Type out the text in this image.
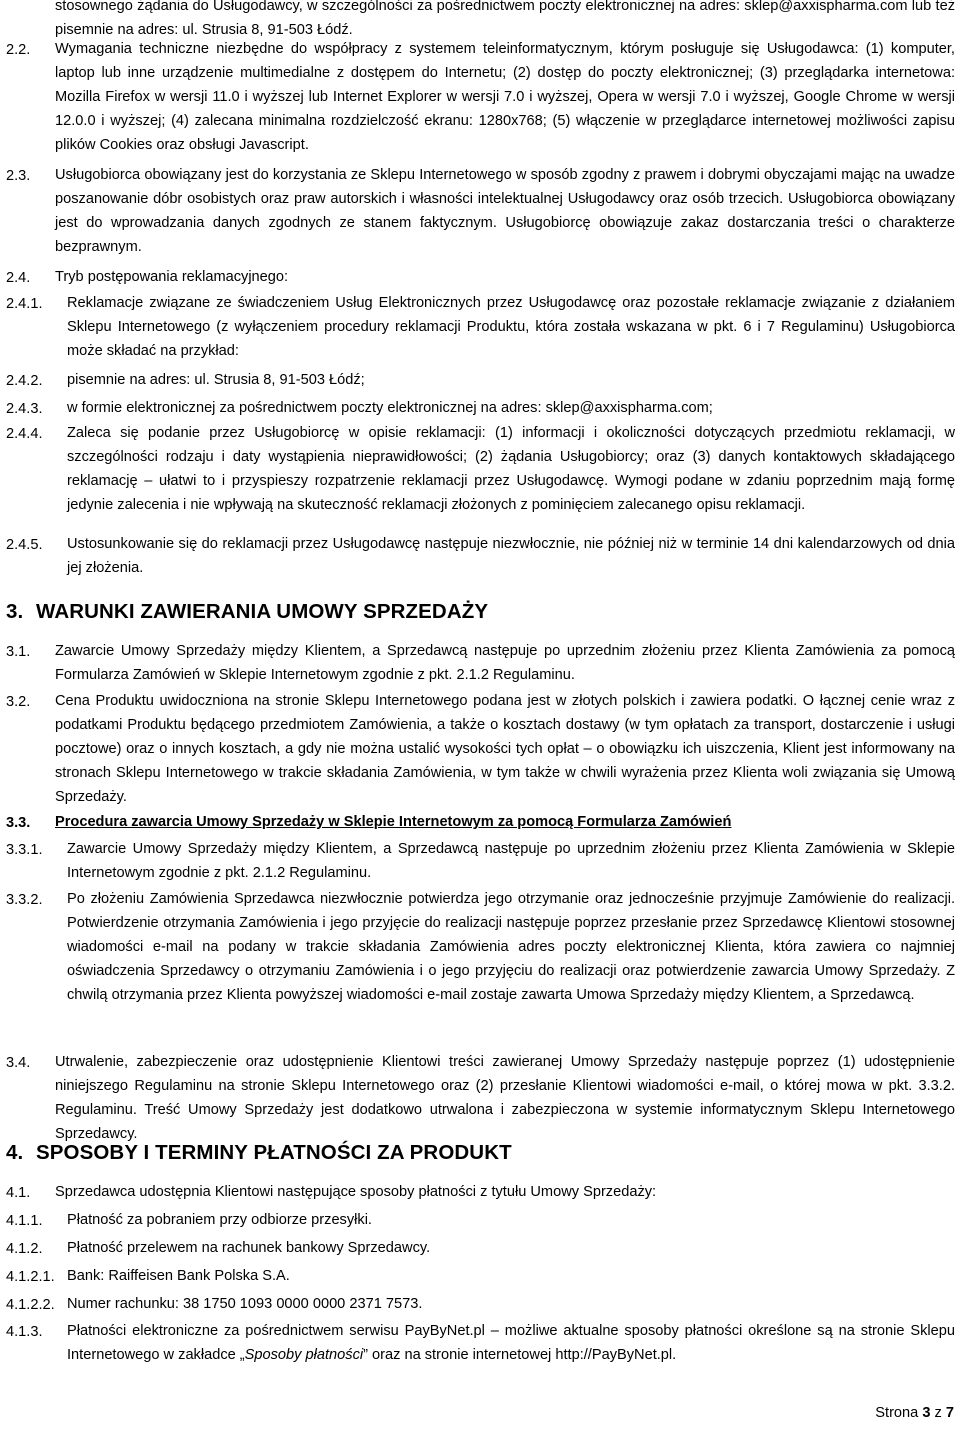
stosownego żądania do Usługodawcy, w szczególności za pośrednictwem poczty elektronicznej na adres: sklep@axxispharma.com lub też pisemnie na adres: ul. Strusia 8, 91-503 Łódź.
2.2. Wymagania techniczne niezbędne do współpracy z systemem teleinformatycznym, którym posługuje się Usługodawca: (1) komputer, laptop lub inne urządzenie multimedialne z dostępem do Internetu; (2) dostęp do poczty elektronicznej; (3) przeglądarka internetowa: Mozilla Firefox w wersji 11.0 i wyższej lub Internet Explorer w wersji 7.0 i wyższej, Opera w wersji 7.0 i wyższej, Google Chrome w wersji 12.0.0 i wyższej; (4) zalecana minimalna rozdzielczość ekranu: 1280x768; (5) włączenie w przeglądarce internetowej możliwości zapisu plików Cookies oraz obsługi Javascript.
2.3. Usługobiorca obowiązany jest do korzystania ze Sklepu Internetowego w sposób zgodny z prawem i dobrymi obyczajami mając na uwadze poszanowanie dóbr osobistych oraz praw autorskich i własności intelektualnej Usługodawcy oraz osób trzecich. Usługobiorca obowiązany jest do wprowadzania danych zgodnych ze stanem faktycznym. Usługobiorcę obowiązuje zakaz dostarczania treści o charakterze bezprawnym.
2.4. Tryb postępowania reklamacyjnego:
2.4.1. Reklamacje związane ze świadczeniem Usług Elektronicznych przez Usługodawcę oraz pozostałe reklamacje związanie z działaniem Sklepu Internetowego (z wyłączeniem procedury reklamacji Produktu, która została wskazana w pkt. 6 i 7 Regulaminu) Usługobiorca może składać na przykład:
2.4.2. pisemnie na adres: ul. Strusia 8, 91-503 Łódź;
2.4.3. w formie elektronicznej za pośrednictwem poczty elektronicznej na adres: sklep@axxispharma.com;
2.4.4. Zaleca się podanie przez Usługobiorcę w opisie reklamacji: (1) informacji i okoliczności dotyczących przedmiotu reklamacji, w szczególności rodzaju i daty wystąpienia nieprawidłowości; (2) żądania Usługobiorcy; oraz (3) danych kontaktowych składającego reklamację – ułatwi to i przyspieszy rozpatrzenie reklamacji przez Usługodawcę. Wymogi podane w zdaniu poprzednim mają formę jedynie zalecenia i nie wpływają na skuteczność reklamacji złożonych z pominięciem zalecanego opisu reklamacji.
2.4.5. Ustosunkowanie się do reklamacji przez Usługodawcę następuje niezwłocznie, nie później niż w terminie 14 dni kalendarzowych od dnia jej złożenia.
3. WARUNKI ZAWIERANIA UMOWY SPRZEDAŻY
3.1. Zawarcie Umowy Sprzedaży między Klientem, a Sprzedawcą następuje po uprzednim złożeniu przez Klienta Zamówienia za pomocą Formularza Zamówień w Sklepie Internetowym zgodnie z pkt. 2.1.2 Regulaminu.
3.2. Cena Produktu uwidoczniona na stronie Sklepu Internetowego podana jest w złotych polskich i zawiera podatki. O łącznej cenie wraz z podatkami Produktu będącego przedmiotem Zamówienia, a także o kosztach dostawy (w tym opłatach za transport, dostarczenie i usługi pocztowe) oraz o innych kosztach, a gdy nie można ustalić wysokości tych opłat – o obowiązku ich uiszczenia, Klient jest informowany na stronach Sklepu Internetowego w trakcie składania Zamówienia, w tym także w chwili wyrażenia przez Klienta woli związania się Umową Sprzedaży.
3.3. Procedura zawarcia Umowy Sprzedaży w Sklepie Internetowym za pomocą Formularza Zamówień
3.3.1. Zawarcie Umowy Sprzedaży między Klientem, a Sprzedawcą następuje po uprzednim złożeniu przez Klienta Zamówienia w Sklepie Internetowym zgodnie z pkt. 2.1.2 Regulaminu.
3.3.2. Po złożeniu Zamówienia Sprzedawca niezwłocznie potwierdza jego otrzymanie oraz jednocześnie przyjmuje Zamówienie do realizacji. Potwierdzenie otrzymania Zamówienia i jego przyjęcie do realizacji następuje poprzez przesłanie przez Sprzedawcę Klientowi stosownej wiadomości e-mail na podany w trakcie składania Zamówienia adres poczty elektronicznej Klienta, która zawiera co najmniej oświadczenia Sprzedawcy o otrzymaniu Zamówienia i o jego przyjęciu do realizacji oraz potwierdzenie zawarcia Umowy Sprzedaży. Z chwilą otrzymania przez Klienta powyższej wiadomości e-mail zostaje zawarta Umowa Sprzedaży między Klientem, a Sprzedawcą.
3.4. Utrwalenie, zabezpieczenie oraz udostępnienie Klientowi treści zawieranej Umowy Sprzedaży następuje poprzez (1) udostępnienie niniejszego Regulaminu na stronie Sklepu Internetowego oraz (2) przesłanie Klientowi wiadomości e-mail, o której mowa w pkt. 3.3.2. Regulaminu. Treść Umowy Sprzedaży jest dodatkowo utrwalona i zabezpieczona w systemie informatycznym Sklepu Internetowego Sprzedawcy.
4. SPOSOBY I TERMINY PŁATNOŚCI ZA PRODUKT
4.1. Sprzedawca udostępnia Klientowi następujące sposoby płatności z tytułu Umowy Sprzedaży:
4.1.1. Płatność za pobraniem przy odbiorze przesyłki.
4.1.2. Płatność przelewem na rachunek bankowy Sprzedawcy.
4.1.2.1. Bank: Raiffeisen Bank Polska S.A.
4.1.2.2. Numer rachunku: 38 1750 1093 0000 0000 2371 7573.
4.1.3. Płatności elektroniczne za pośrednictwem serwisu PayByNet.pl – możliwe aktualne sposoby płatności określone są na stronie Sklepu Internetowego w zakładce „Sposoby płatności” oraz na stronie internetowej http://PayByNet.pl.
Strona 3 z 7
